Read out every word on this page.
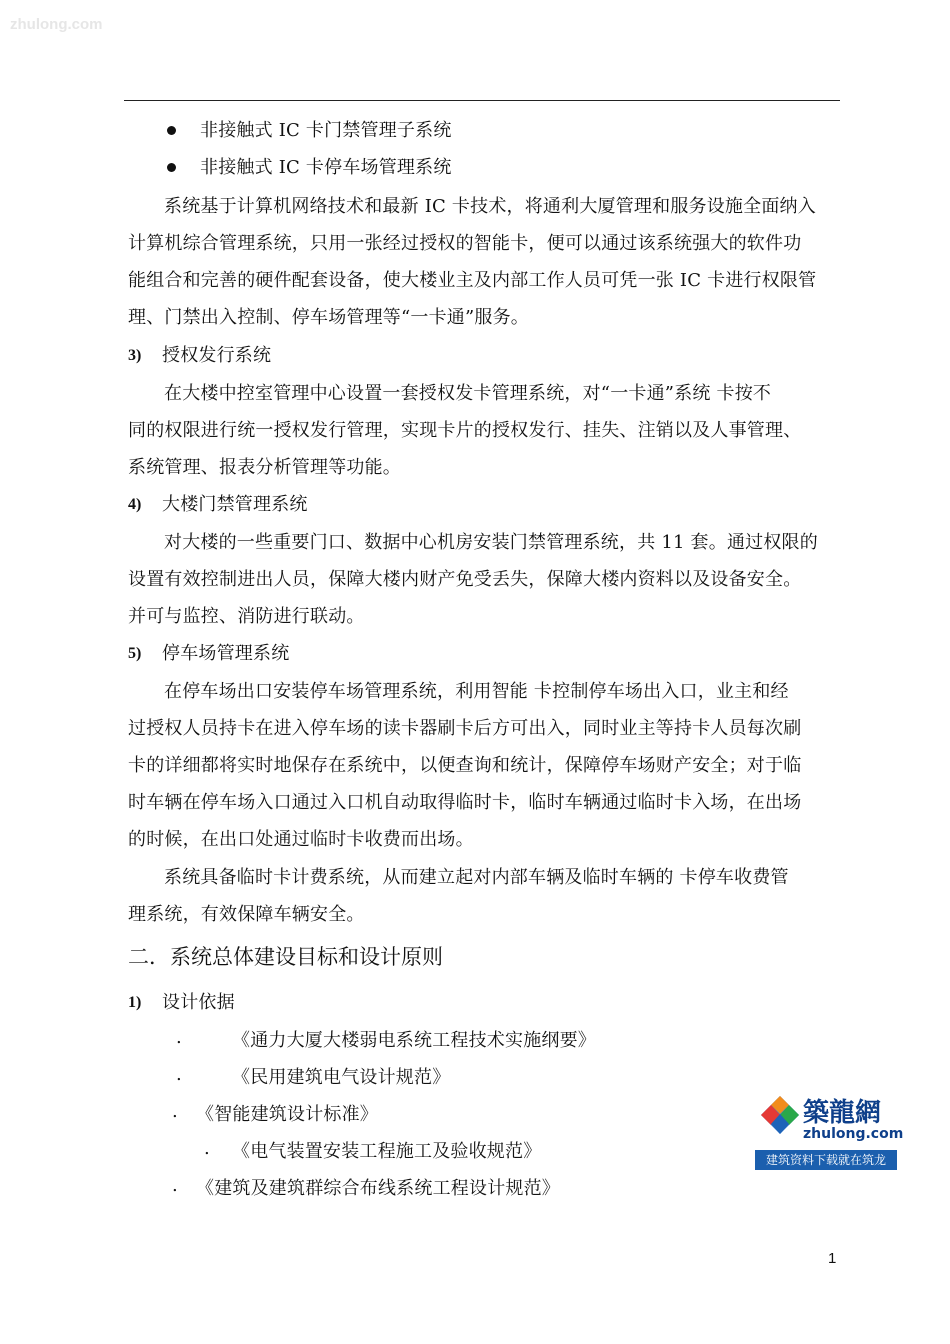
zhulong.com
非接触式 IC 卡门禁管理子系统
非接触式 IC 卡停车场管理系统
系统基于计算机网络技术和最新 IC 卡技术，将通利大厦管理和服务设施全面纳入
计算机综合管理系统，只用一张经过授权的智能卡，便可以通过该系统强大的软件功
能组合和完善的硬件配套设备，使大楼业主及内部工作人员可凭一张 IC 卡进行权限管
理、门禁出入控制、停车场管理等“一卡通”服务。
3) 授权发行系统
在大楼中控室管理中心设置一套授权发卡管理系统，对“一卡通”系统 卡按不
同的权限进行统一授权发行管理，实现卡片的授权发行、挂失、注销以及人事管理、
系统管理、报表分析管理等功能。
4) 大楼门禁管理系统
对大楼的一些重要门口、数据中心机房安装门禁管理系统，共 11 套。通过权限的
设置有效控制进出人员，保障大楼内财产免受丢失，保障大楼内资料以及设备安全。
并可与监控、消防进行联动。
5) 停车场管理系统
在停车场出口安装停车场管理系统，利用智能 卡控制停车场出入口，业主和经
过授权人员持卡在进入停车场的读卡器刷卡后方可出入，同时业主等持卡人员每次刷
卡的详细都将实时地保存在系统中，以便查询和统计，保障停车场财产安全；对于临
时车辆在停车场入口通过入口机自动取得临时卡，临时车辆通过临时卡入场，在出场
的时候，在出口处通过临时卡收费而出场。
系统具备临时卡计费系统，从而建立起对内部车辆及临时车辆的 卡停车收费管
理系统，有效保障车辆安全。
二．系统总体建设目标和设计原则
1) 设计依据
.	《通力大厦大楼弱电系统工程技术实施纲要》
.	《民用建筑电气设计规范》
. 《智能建筑设计标准》
. 《电气装置安装工程施工及验收规范》
. 《建筑及建筑群综合布线系统工程设计规范》
築龍網
zhulong.com
建筑资料下载就在筑龙
1
